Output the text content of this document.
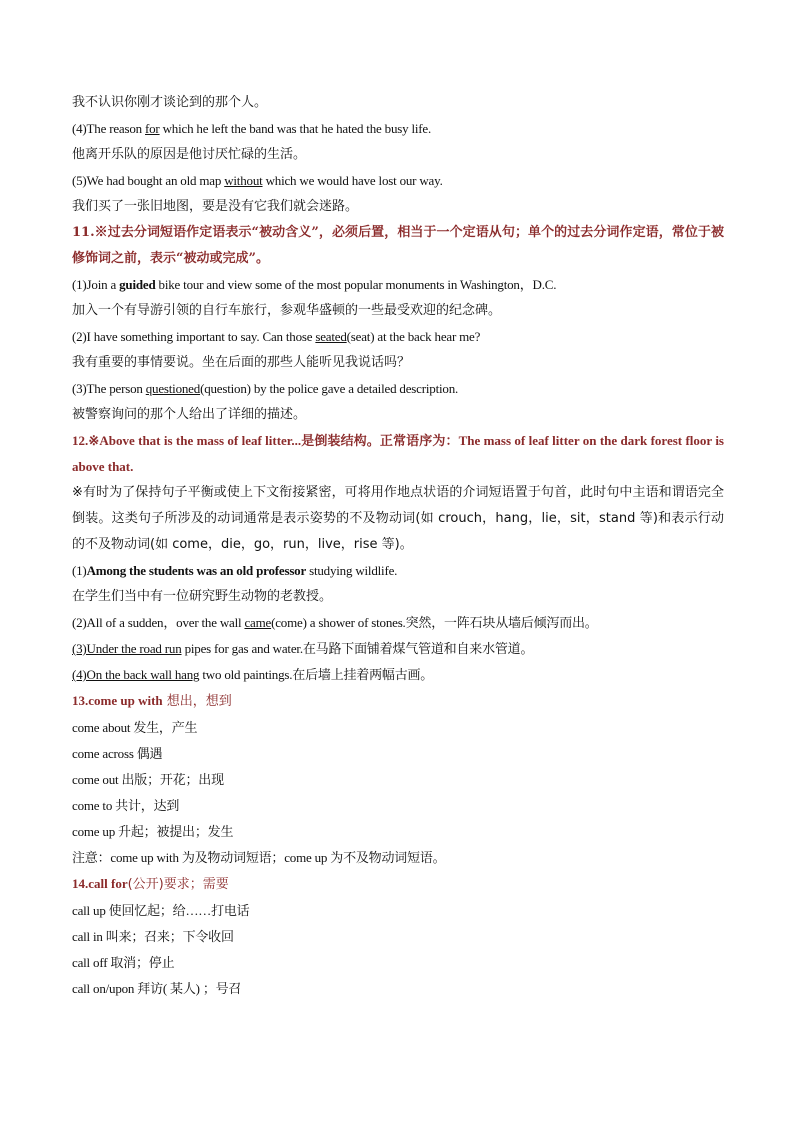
我不认识你刚才谈论到的那个人。
(4)The reason for which he left the band was that he hated the busy life.
他离开乐队的原因是他讨厌忙碌的生活。
(5)We had bought an old map without which we would have lost our way.
我们买了一张旧地图，要是没有它我们就会迷路。
11.※过去分词短语作定语表示“被动含义”，必须后置，相当于一个定语从句；单个的过去分词作定语，常位于被修饰词之前，表示“被动或完成”。
(1)Join a guided bike tour and view some of the most popular monuments in Washington，D.C.
加入一个有导游引领的自行车旅行，参观华盛顿的一些最受欢迎的纪念碑。
(2)I have something important to say. Can those seated(seat) at the back hear me?
我有重要的事情要说。坐在后面的那些人能听见我说话吗？
(3)The person questioned(question) by the police gave a detailed description.
被警察询问的那个人给出了详细的描述。
12.※Above that is the mass of leaf litter...是倒装结构。正常语序为：The mass of leaf litter on the dark forest floor is above that.
※有时为了保持句子平衡或使上下文衔接紧密，可将用作地点状语的介词短语置于句首，此时句中主语和谓语完全倒装。这类句子所涉及的动词通常是表示姿势的不及物动词(如 crouch，hang，lie，sit，stand 等)和表示行动的不及物动词(如 come，die，go，run，live，rise 等)。
(1)Among the students was an old professor studying wildlife.
在学生们当中有一位研究野生动物的老教授。
(2)All of a sudden，over the wall came(come) a shower of stones.突然，一阵石块从墙后倾泻而出。
(3)Under the road run pipes for gas and water.在马路下面铺着煤气管道和自来水管道。
(4)On the back wall hang two old paintings.在后墙上挂着两幅古画。
13.come up with 想出，想到
come about 发生，产生
come across 偶遇
come out 出版；开花；出现
come to 共计，达到
come up 升起；被提出；发生
注意：come up with 为及物动词短语；come up 为不及物动词短语。
14.call for(公开)要求；需要
call up 使回忆起；给……打电话
call in 叫来；召来；下令收回
call off 取消；停止
call on/upon 拜访( 某人) ；号召
